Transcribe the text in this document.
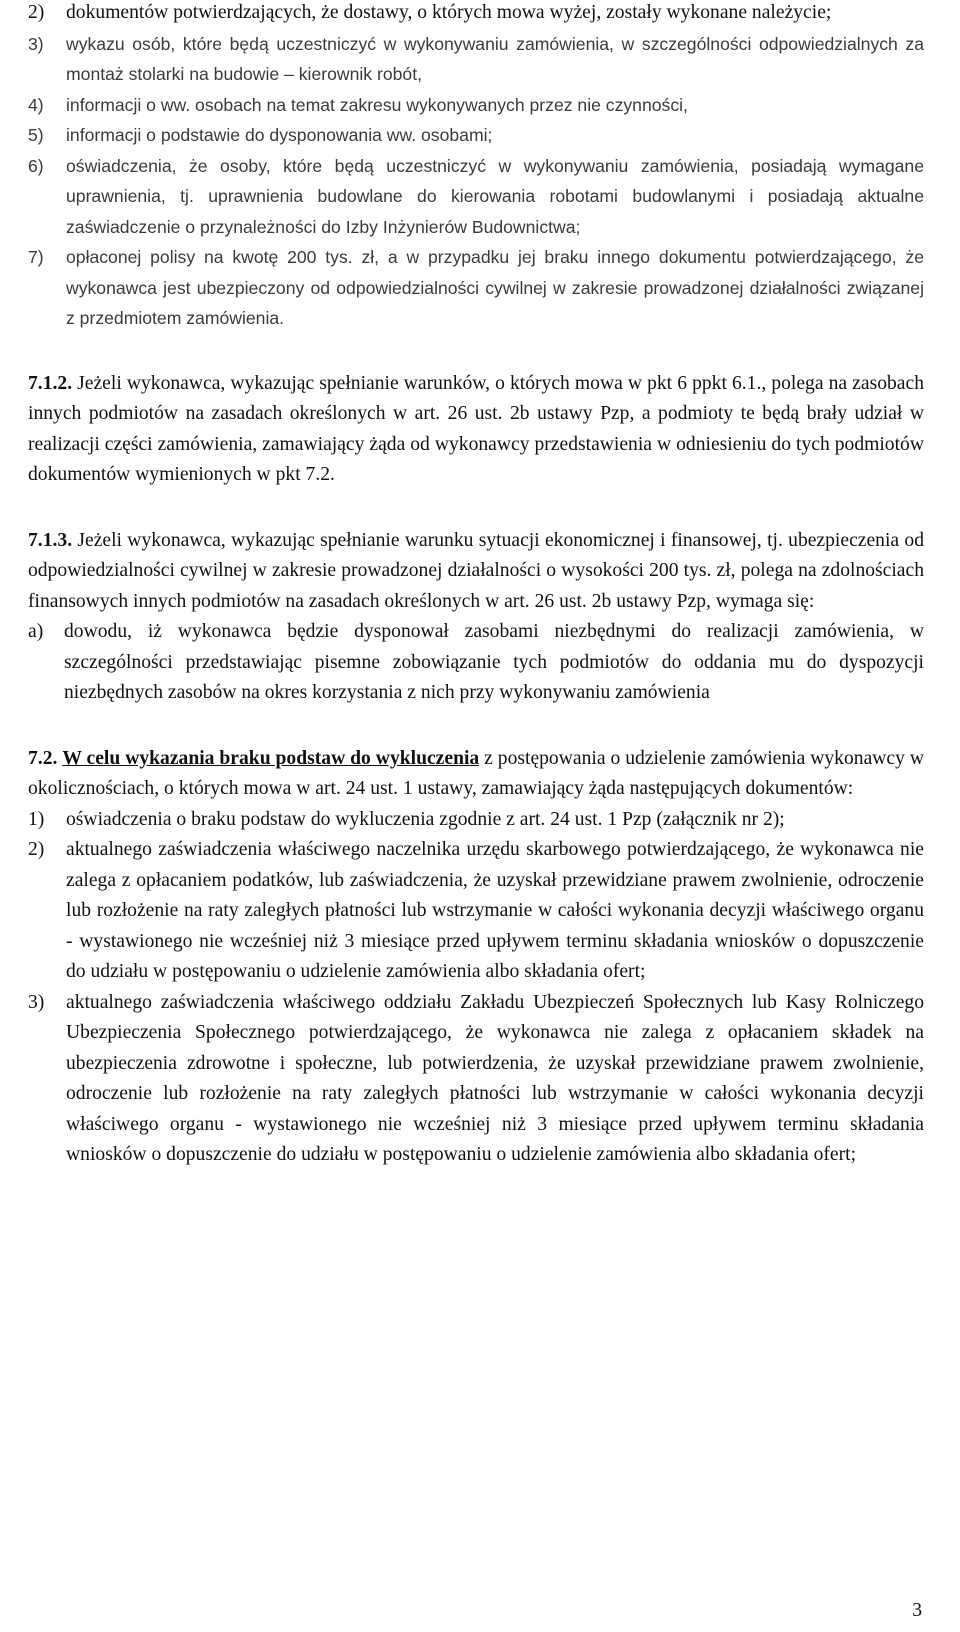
2)	dokumentów potwierdzających, że dostawy, o których mowa wyżej, zostały wykonane należycie;
3)	wykazu osób, które będą uczestniczyć w wykonywaniu zamówienia, w szczególności odpowiedzialnych za montaż stolarki na budowie – kierownik robót,
4)	informacji o ww. osobach na temat zakresu wykonywanych przez nie czynności,
5)	informacji o podstawie do dysponowania ww. osobami;
6)	oświadczenia, że osoby, które będą uczestniczyć w wykonywaniu zamówienia, posiadają wymagane uprawnienia, tj. uprawnienia budowlane do kierowania robotami budowlanymi i posiadają aktualne zaświadczenie o przynależności do Izby Inżynierów Budownictwa;
7)	opłaconej polisy na kwotę 200 tys. zł, a w przypadku jej braku innego dokumentu potwierdzającego, że wykonawca jest ubezpieczony od odpowiedzialności cywilnej w zakresie prowadzonej działalności związanej z przedmiotem zamówienia.

7.1.2. Jeżeli wykonawca, wykazując spełnianie warunków, o których mowa w pkt 6 ppkt 6.1., polega na zasobach innych podmiotów na zasadach określonych w art. 26 ust. 2b ustawy Pzp, a podmioty te będą brały udział w realizacji części zamówienia, zamawiający żąda od wykonawcy przedstawienia w odniesieniu do tych podmiotów dokumentów wymienionych w pkt 7.2.

7.1.3. Jeżeli wykonawca, wykazując spełnianie warunku sytuacji ekonomicznej i finansowej, tj. ubezpieczenia od odpowiedzialności cywilnej w zakresie prowadzonej działalności o wysokości 200 tys. zł, polega na zdolnościach finansowych innych podmiotów na zasadach określonych w art. 26 ust. 2b ustawy Pzp, wymaga się:

a)	dowodu, iż wykonawca będzie dysponował zasobami niezbędnymi do realizacji zamówienia, w szczególności przedstawiając pisemne zobowiązanie tych podmiotów do oddania mu do dyspozycji niezbędnych zasobów na okres korzystania z nich przy wykonywaniu zamówienia

7.2. W celu wykazania braku podstaw do wykluczenia z postępowania o udzielenie zamówienia wykonawcy w okolicznościach, o których mowa w art. 24 ust. 1 ustawy, zamawiający żąda następujących dokumentów:

1)	oświadczenia o braku podstaw do wykluczenia zgodnie z art. 24 ust. 1 Pzp (załącznik nr 2);
2)	aktualnego zaświadczenia właściwego naczelnika urzędu skarbowego potwierdzającego, że wykonawca nie zalega z opłacaniem podatków, lub zaświadczenia, że uzyskał przewidziane prawem zwolnienie, odroczenie lub rozłożenie na raty zaległych płatności lub wstrzymanie w całości wykonania decyzji właściwego organu - wystawionego nie wcześniej niż 3 miesiące przed upływem terminu składania wniosków o dopuszczenie do udziału w postępowaniu o udzielenie zamówienia albo składania ofert;
3)	aktualnego zaświadczenia właściwego oddziału Zakładu Ubezpieczeń Społecznych lub Kasy Rolniczego Ubezpieczenia Społecznego potwierdzającego, że wykonawca nie zalega z opłacaniem składek na ubezpieczenia zdrowotne i społeczne, lub potwierdzenia, że uzyskał przewidziane prawem zwolnienie, odroczenie lub rozłożenie na raty zaległych płatności lub wstrzymanie w całości wykonania decyzji właściwego organu - wystawionego nie wcześniej niż 3 miesiące przed upływem terminu składania wniosków o dopuszczenie do udziału w postępowaniu o udzielenie zamówienia albo składania ofert;
3
